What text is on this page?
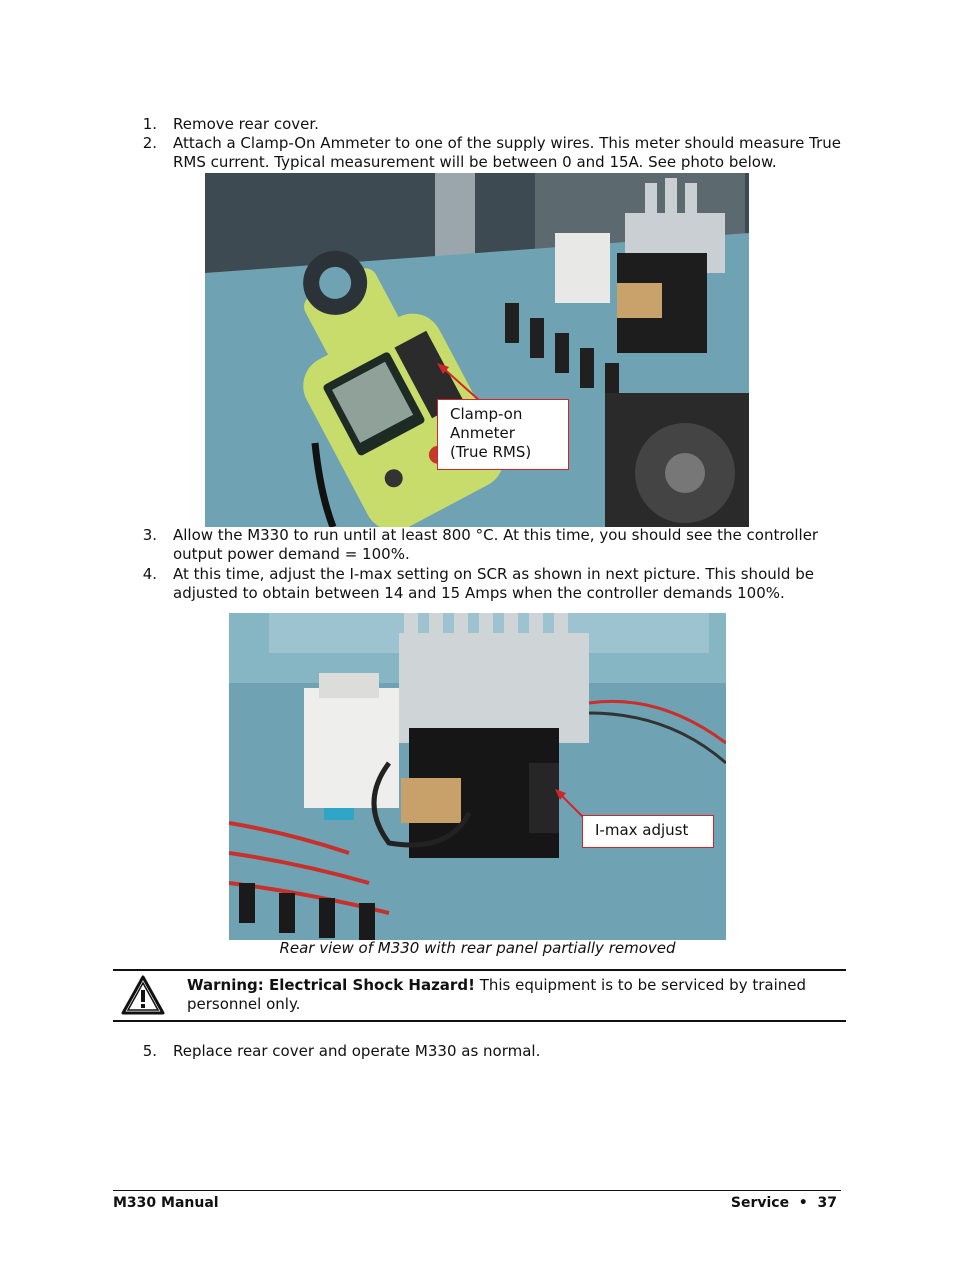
1. Remove rear cover.
2. Attach a Clamp-On Ammeter to one of the supply wires. This meter should measure True
RMS current. Typical measurement will be between 0 and 15A. See photo below.
Clamp-on
Anmeter
(True RMS)
3. Allow the M330 to run until at least 800 °C. At this time, you should see the controller
output power demand = 100%.
4. At this time, adjust the I-max setting on SCR as shown in next picture. This should be
adjusted to obtain between 14 and 15 Amps when the controller demands 100%.
I-max adjust
Rear view of M330 with rear panel partially removed
Warning: Electrical Shock Hazard! This equipment is to be serviced by trained
personnel only.
5. Replace rear cover and operate M330 as normal.
M330 Manual	Service  •  37
